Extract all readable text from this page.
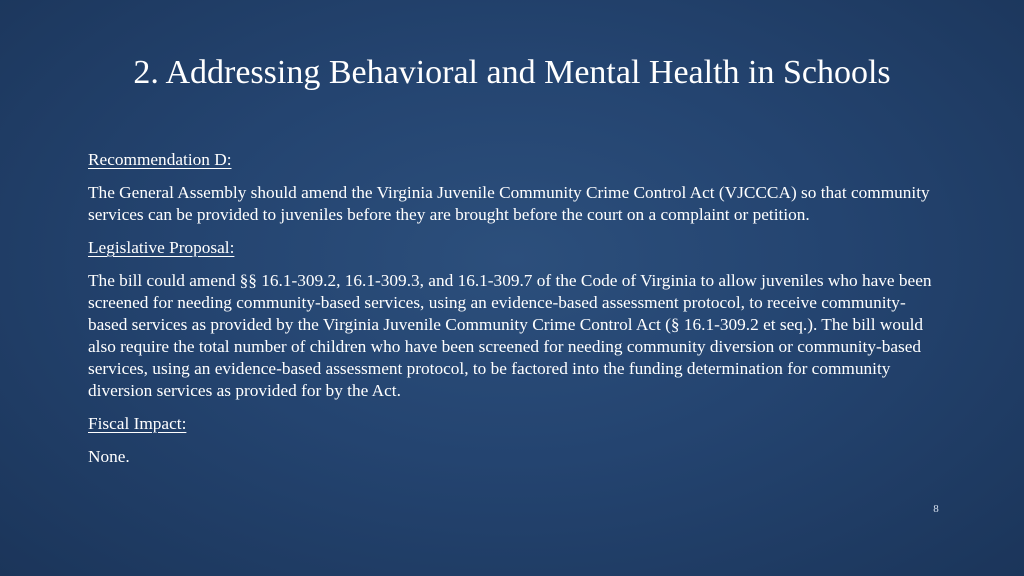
2. Addressing Behavioral and Mental Health in Schools

Recommendation D:

The General Assembly should amend the Virginia Juvenile Community Crime Control Act (VJCCCA) so that community services can be provided to juveniles before they are brought before the court on a complaint or petition.

Legislative Proposal:

The bill could amend §§ 16.1-309.2, 16.1-309.3, and 16.1-309.7 of the Code of Virginia to allow juveniles who have been screened for needing community-based services, using an evidence-based assessment protocol, to receive community-based services as provided by the Virginia Juvenile Community Crime Control Act (§ 16.1-309.2 et seq.). The bill would also require the total number of children who have been screened for needing community diversion or community-based services, using an evidence-based assessment protocol, to be factored into the funding determination for community diversion services as provided for by the Act.

Fiscal Impact:

None.

8
